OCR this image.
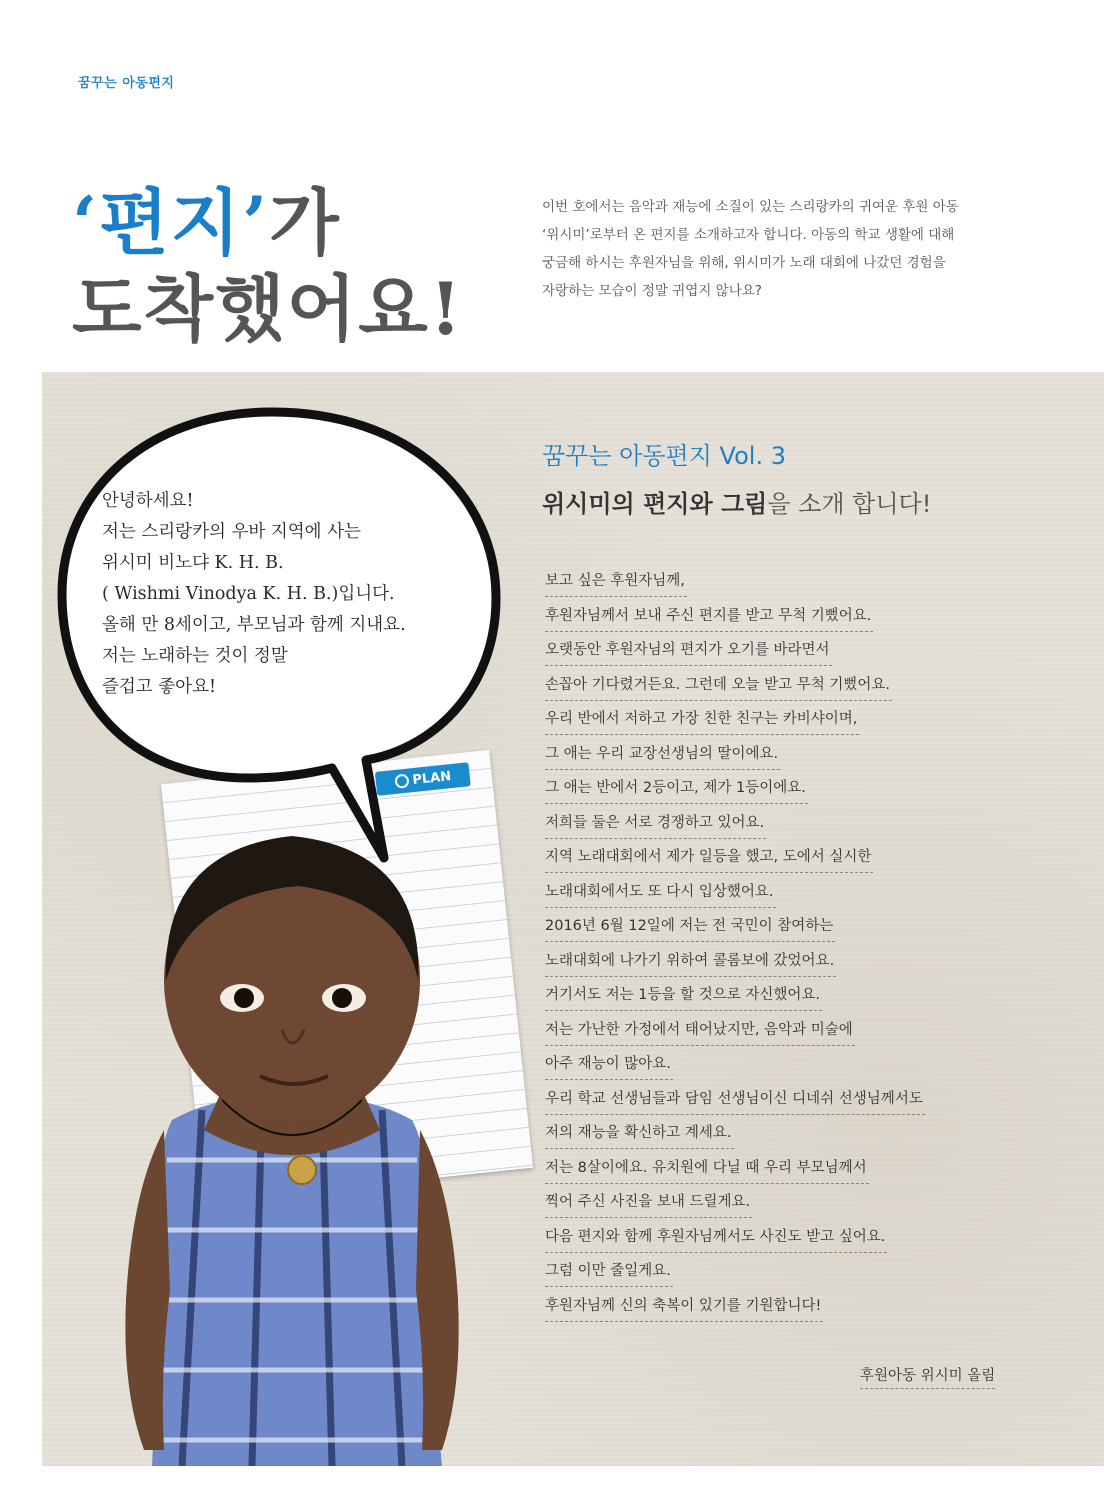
꿈꾸는 아동편지
‘편지’가
도착했어요!
이번 호에서는 음악과 재능에 소질이 있는 스리랑카의 귀여운 후원 아동
‘위시미’로부터 온 편지를 소개하고자 합니다. 아동의 학교 생활에 대해
궁금해 하시는 후원자님을 위해, 위시미가 노래 대회에 나갔던 경험을
자랑하는 모습이 정말 귀엽지 않나요?
PLAN
안녕하세요!
저는 스리랑카의 우바 지역에 사는
위시미 비노댜 K. H. B.
( Wishmi Vinodya K. H. B.)입니다.
올해 만 8세이고, 부모님과 함께 지내요.
저는 노래하는 것이 정말
즐겁고 좋아요!
꿈꾸는 아동편지 Vol. 3
위시미의 편지와 그림을 소개 합니다!
보고 싶은 후원자님께,
후원자님께서 보내 주신 편지를 받고 무척 기뻤어요.
오랫동안 후원자님의 편지가 오기를 바라면서
손꼽아 기다렸거든요. 그런데 오늘 받고 무척 기뻤어요.
우리 반에서 저하고 가장 친한 친구는 카비샤이며,
그 애는 우리 교장선생님의 딸이에요.
그 애는 반에서 2등이고, 제가 1등이에요.
저희들 둘은 서로 경쟁하고 있어요.
지역 노래대회에서 제가 일등을 했고, 도에서 실시한
노래대회에서도 또 다시 입상했어요.
2016년 6월 12일에 저는 전 국민이 참여하는
노래대회에 나가기 위하여 콜롬보에 갔었어요.
거기서도 저는 1등을 할 것으로 자신했어요.
저는 가난한 가정에서 태어났지만, 음악과 미술에
아주 재능이 많아요.
우리 학교 선생님들과 담임 선생님이신 디네쉬 선생님께서도
저의 재능을 확신하고 계세요.
저는 8살이에요. 유치원에 다닐 때 우리 부모님께서
찍어 주신 사진을 보내 드릴게요.
다음 편지와 함께 후원자님께서도 사진도 받고 싶어요.
그럼 이만 줄일게요.
후원자님께 신의 축복이 있기를 기원합니다!
후원아동 위시미 올림
